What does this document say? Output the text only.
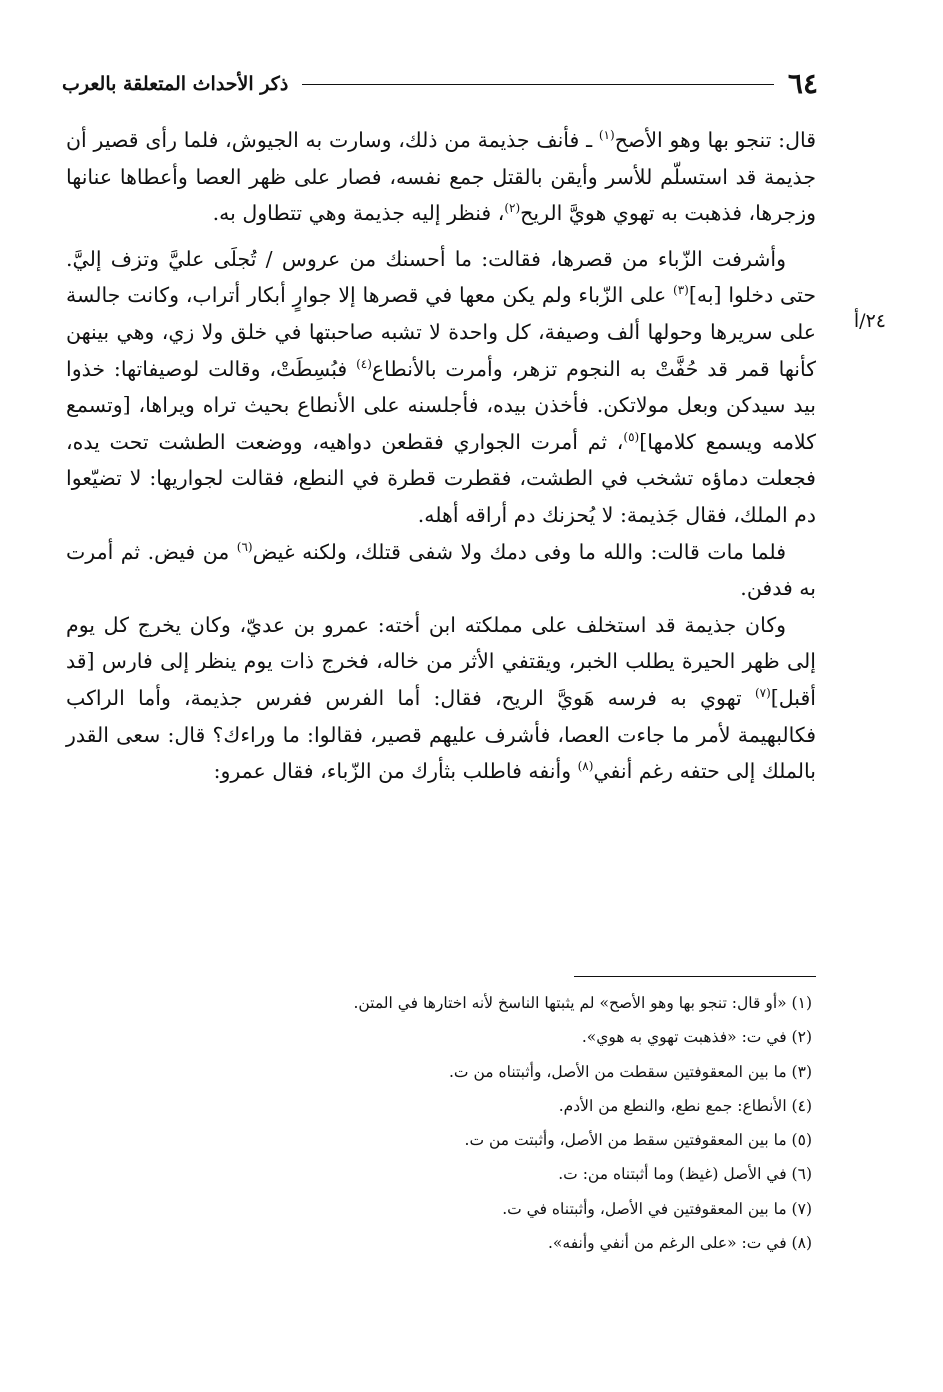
٦٤
ذكر الأحداث المتعلقة بالعرب
٢٤/أ

قال: تنجو بها وهو الأصح$^{(١)}$ ـ فأنف جذيمة من ذلك، وسارت به الجيوش، فلما رأى قصير أن جذيمة قد استسلّم للأسر وأيقن بالقتل جمع نفسه، فصار على ظهر العصا وأعطاها عنانها وزجرها، فذهبت به تهوي هويَّ الريح$^{(٢)}$، فنظر إليه جذيمة وهي تتطاول به.

وأشرفت الزّباء من قصرها، فقالت: ما أحسنك من عروس / تُجلَى عليَّ وتزف إليَّ. حتى دخلوا [به]$^{(٣)}$ على الزّباء ولم يكن معها في قصرها إلا جوارٍ أبكار أتراب، وكانت جالسة على سريرها وحولها ألف وصيفة، كل واحدة لا تشبه صاحبتها في خلق ولا زي، وهي بينهن كأنها قمر قد حُفَّتْ به النجوم تزهر، وأمرت بالأنطاع$^{(٤)}$ فبُسِطَتْ، وقالت لوصيفاتها: خذوا بيد سيدكن وبعل مولاتكن. فأخذن بيده، فأجلسنه على الأنطاع بحيث تراه ويراها، [وتسمع كلامه ويسمع كلامها]$^{(٥)}$، ثم أمرت الجواري فقطعن دواهيه، ووضعت الطشت تحت يده، فجعلت دماؤه تشخب في الطشت، فقطرت قطرة في النطع، فقالت لجواريها: لا تضيّعوا دم الملك، فقال جَذيمة: لا يُحزنك دم أراقه أهله.

فلما مات قالت: والله ما وفى دمك ولا شفى قتلك، ولكنه غيض$^{(٦)}$ من فيض. ثم أمرت به فدفن.

وكان جذيمة قد استخلف على مملكته ابن أخته: عمرو بن عديّ، وكان يخرج كل يوم إلى ظهر الحيرة يطلب الخبر، ويقتفي الأثر من خاله، فخرج ذات يوم ينظر إلى فارس [قد أقبل]$^{(٧)}$ تهوي به فرسه هَويَّ الريح، فقال: أما الفرس ففرس جذيمة، وأما الراكب فكالبهيمة لأمر ما جاءت العصا، فأشرف عليهم قصير، فقالوا: ما وراءك؟ قال: سعى القدر بالملك إلى حتفه رغم أنفي$^{(٨)}$ وأنفه فاطلب بثأرك من الزّباء، فقال عمرو:

(١) «أو قال: تنجو بها وهو الأصح» لم يثبتها الناسخ لأنه اختارها في المتن.

(٢) في ت: «فذهبت تهوي به هوي».

(٣) ما بين المعقوفتين سقطت من الأصل، وأثبتناه من ت.

(٤) الأنطاع: جمع نطع، والنطع من الأدم.

(٥) ما بين المعقوفتين سقط من الأصل، وأثبتت من ت.

(٦) في الأصل (غيظ) وما أثبتناه من: ت.

(٧) ما بين المعقوفتين في الأصل، وأثبتناه في ت.

(٨) في ت: «على الرغم من أنفي وأنفه».
